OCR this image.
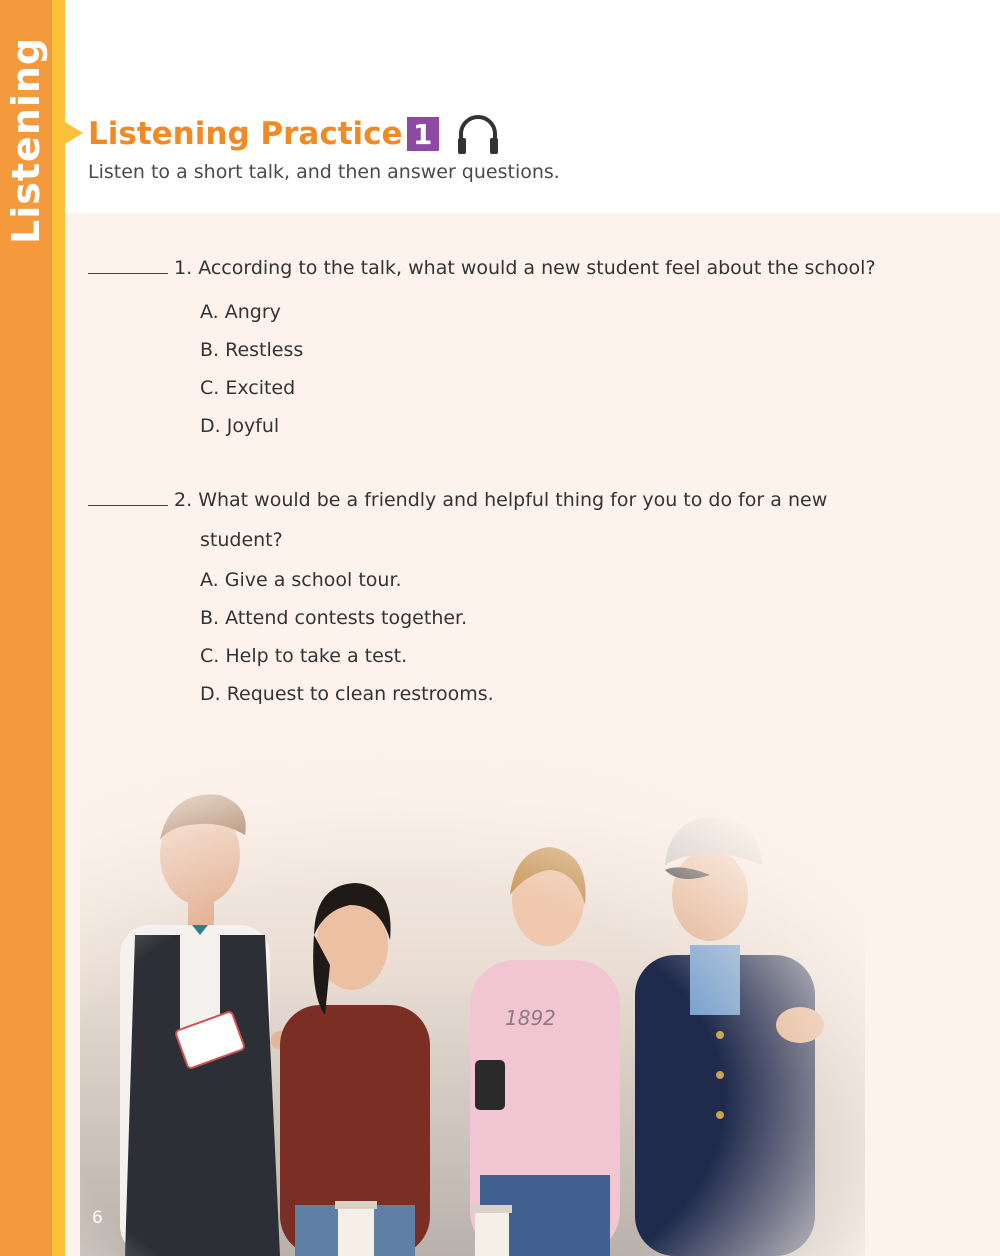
Listening Listening Practice 1
Listen to a short talk, and then answer questions.
1.
According to the talk, what would a new student feel about the school?
A. Angry
B. Restless
C. Excited
D. Joyful
2.
What would be a friendly and helpful thing for you to do for a new
student?
A. Give a school tour.
B. Attend contests together.
C. Help to take a test.
D. Request to clean restrooms.
6
